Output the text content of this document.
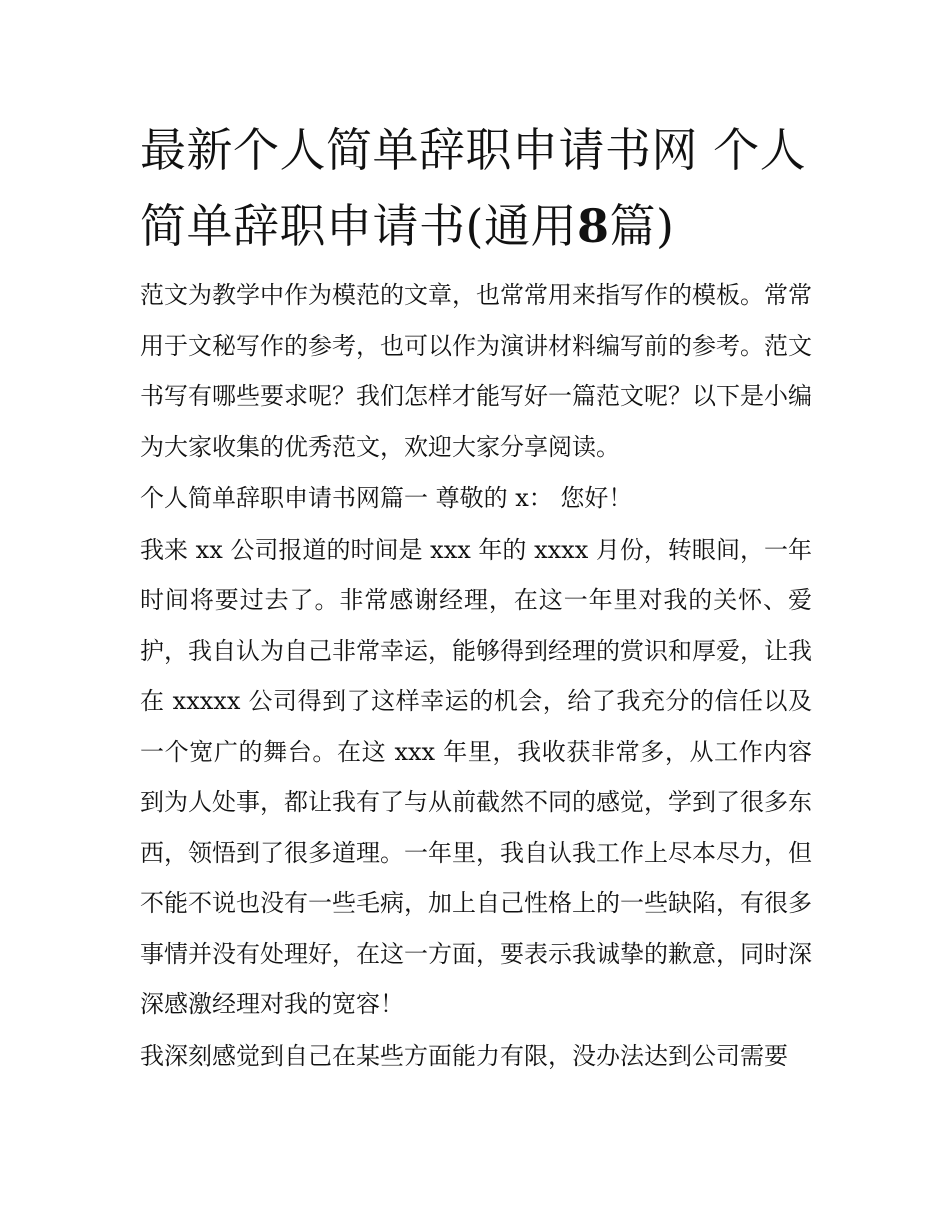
最新个人简单辞职申请书网 个人简单辞职申请书(通用8篇)

范文为教学中作为模范的文章，也常常用来指写作的模板。常常用于文秘写作的参考，也可以作为演讲材料编写前的参考。范文书写有哪些要求呢？我们怎样才能写好一篇范文呢？以下是小编为大家收集的优秀范文，欢迎大家分享阅读。

个人简单辞职申请书网篇一 尊敬的 x： 您好！

我来 xx 公司报道的时间是 xxx 年的 xxxx 月份，转眼间，一年时间将要过去了。非常感谢经理，在这一年里对我的关怀、爱护，我自认为自己非常幸运，能够得到经理的赏识和厚爱，让我在 xxxxx 公司得到了这样幸运的机会，给了我充分的信任以及一个宽广的舞台。在这 xxx 年里，我收获非常多，从工作内容到为人处事，都让我有了与从前截然不同的感觉，学到了很多东西，领悟到了很多道理。一年里，我自认我工作上尽本尽力，但不能不说也没有一些毛病，加上自己性格上的一些缺陷，有很多事情并没有处理好，在这一方面，要表示我诚挚的歉意，同时深深感激经理对我的宽容！

我深刻感觉到自己在某些方面能力有限，没办法达到公司需要
